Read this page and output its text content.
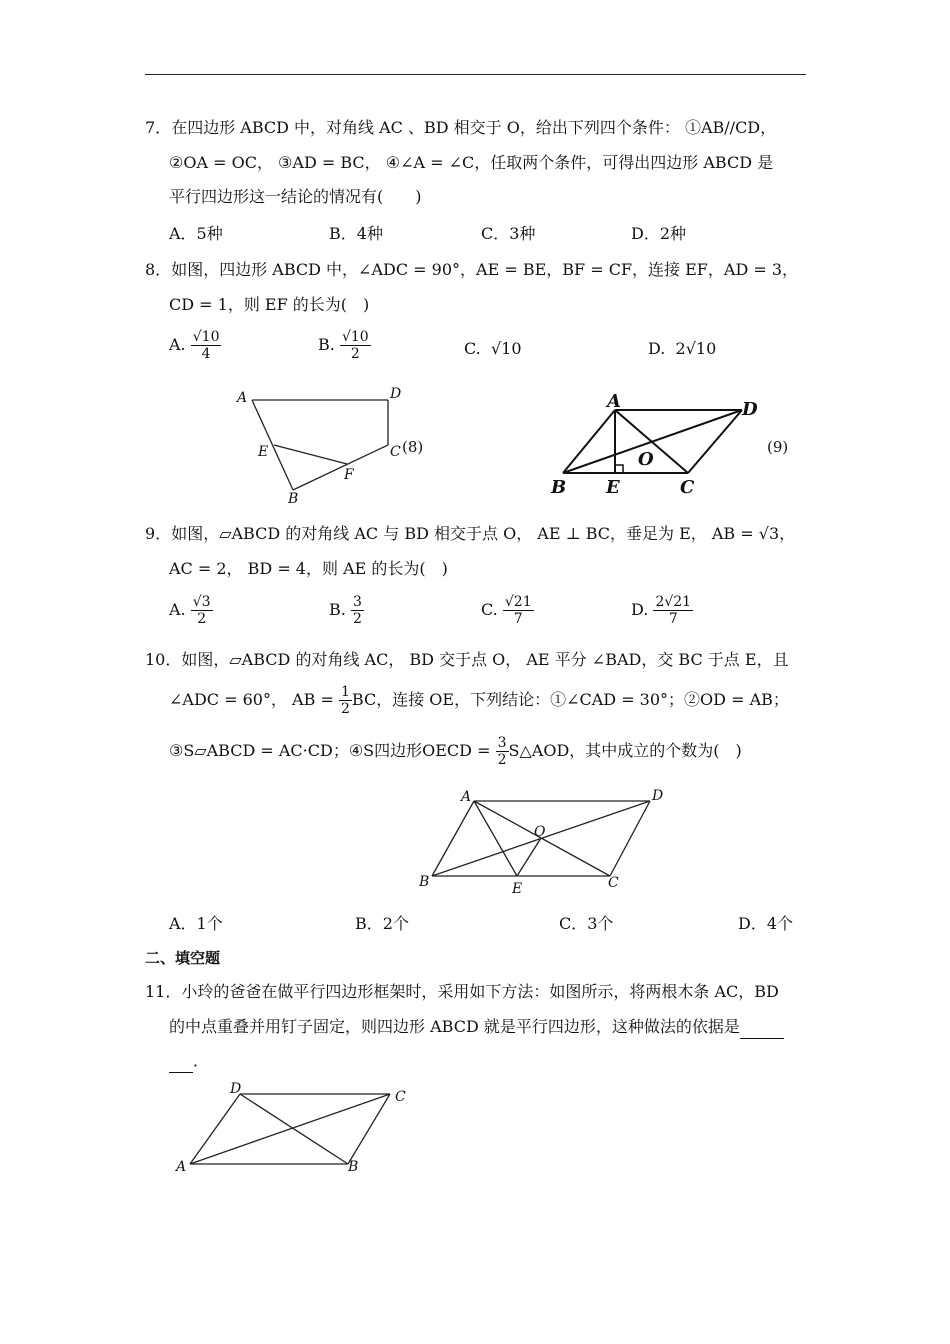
7．在四边形 ABCD 中，对角线 AC 、BD 相交于 O，给出下列四个条件： ①AB//CD，
②OA = OC， ③AD = BC， ④∠A = ∠C，任取两个条件，可得出四边形 ABCD 是
平行四边形这一结论的情况有(　　)
A．5种	B．4种	C．3种	D．2种
8．如图，四边形 ABCD 中，∠ADC = 90°，AE = BE，BF = CF，连接 EF，AD = 3，
CD = 1，则 EF 的长为(　)
A. $\frac{√10}{4}$	B. $\frac{√10}{2}$	C. √10	D. 2√10
A	D
E	C
F
B
(8)
A	D
O
B E	C
(9)
9．如图，▱ABCD 的对角线 AC 与 BD 相交于点 O， AE ⊥ BC，垂足为 E， AB = √3，
AC = 2， BD = 4，则 AE 的长为(　)
A. $\frac{√3}{2}$	B. $\frac{3}{2}$	C. $\frac{√21}{7}$	D. $\frac{2√21}{7}$
10．如图，▱ABCD 的对角线 AC， BD 交于点 O， AE 平分 ∠BAD，交 BC 于点 E，且
∠ADC = 60°， AB = $\frac{1}{2}$ BC，连接 OE，下列结论：①∠CAD = 30°；②OD = AB；
③S▱ABCD = AC·CD；④S四边形OECD = $\frac{3}{2}$ S△AOD，其中成立的个数为(　)
A	D
O
B	E	C
A．1个	B．2个	C．3个	D．4个
二、填空题
11．小玲的爸爸在做平行四边形框架时，采用如下方法：如图所示，将两根木条 AC，BD
的中点重叠并用钉子固定，则四边形 ABCD 就是平行四边形，这种做法的依据是
．
D	C
A	B
